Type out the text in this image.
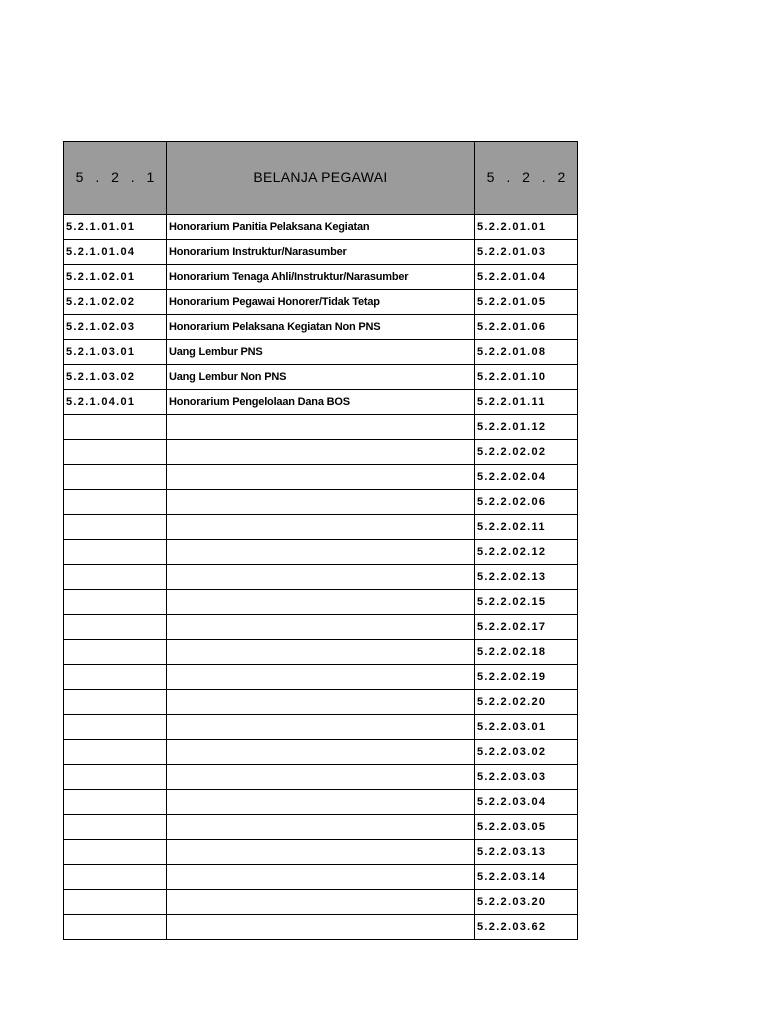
5 . 2 . 1	BELANJA PEGAWAI	5 . 2 . 2
5.2.1.01.01	Honorarium Panitia Pelaksana Kegiatan	5.2.2.01.01
5.2.1.01.04	Honorarium Instruktur/Narasumber	5.2.2.01.03
5.2.1.02.01	Honorarium Tenaga Ahli/Instruktur/Narasumber	5.2.2.01.04
5.2.1.02.02	Honorarium Pegawai Honorer/Tidak Tetap	5.2.2.01.05
5.2.1.02.03	Honorarium Pelaksana Kegiatan Non PNS	5.2.2.01.06
5.2.1.03.01	Uang Lembur PNS	5.2.2.01.08
5.2.1.03.02	Uang Lembur Non PNS	5.2.2.01.10
5.2.1.04.01	Honorarium Pengelolaan Dana BOS	5.2.2.01.11
		5.2.2.01.12
		5.2.2.02.02
		5.2.2.02.04
		5.2.2.02.06
		5.2.2.02.11
		5.2.2.02.12
		5.2.2.02.13
		5.2.2.02.15
		5.2.2.02.17
		5.2.2.02.18
		5.2.2.02.19
		5.2.2.02.20
		5.2.2.03.01
		5.2.2.03.02
		5.2.2.03.03
		5.2.2.03.04
		5.2.2.03.05
		5.2.2.03.13
		5.2.2.03.14
		5.2.2.03.20
		5.2.2.03.62
